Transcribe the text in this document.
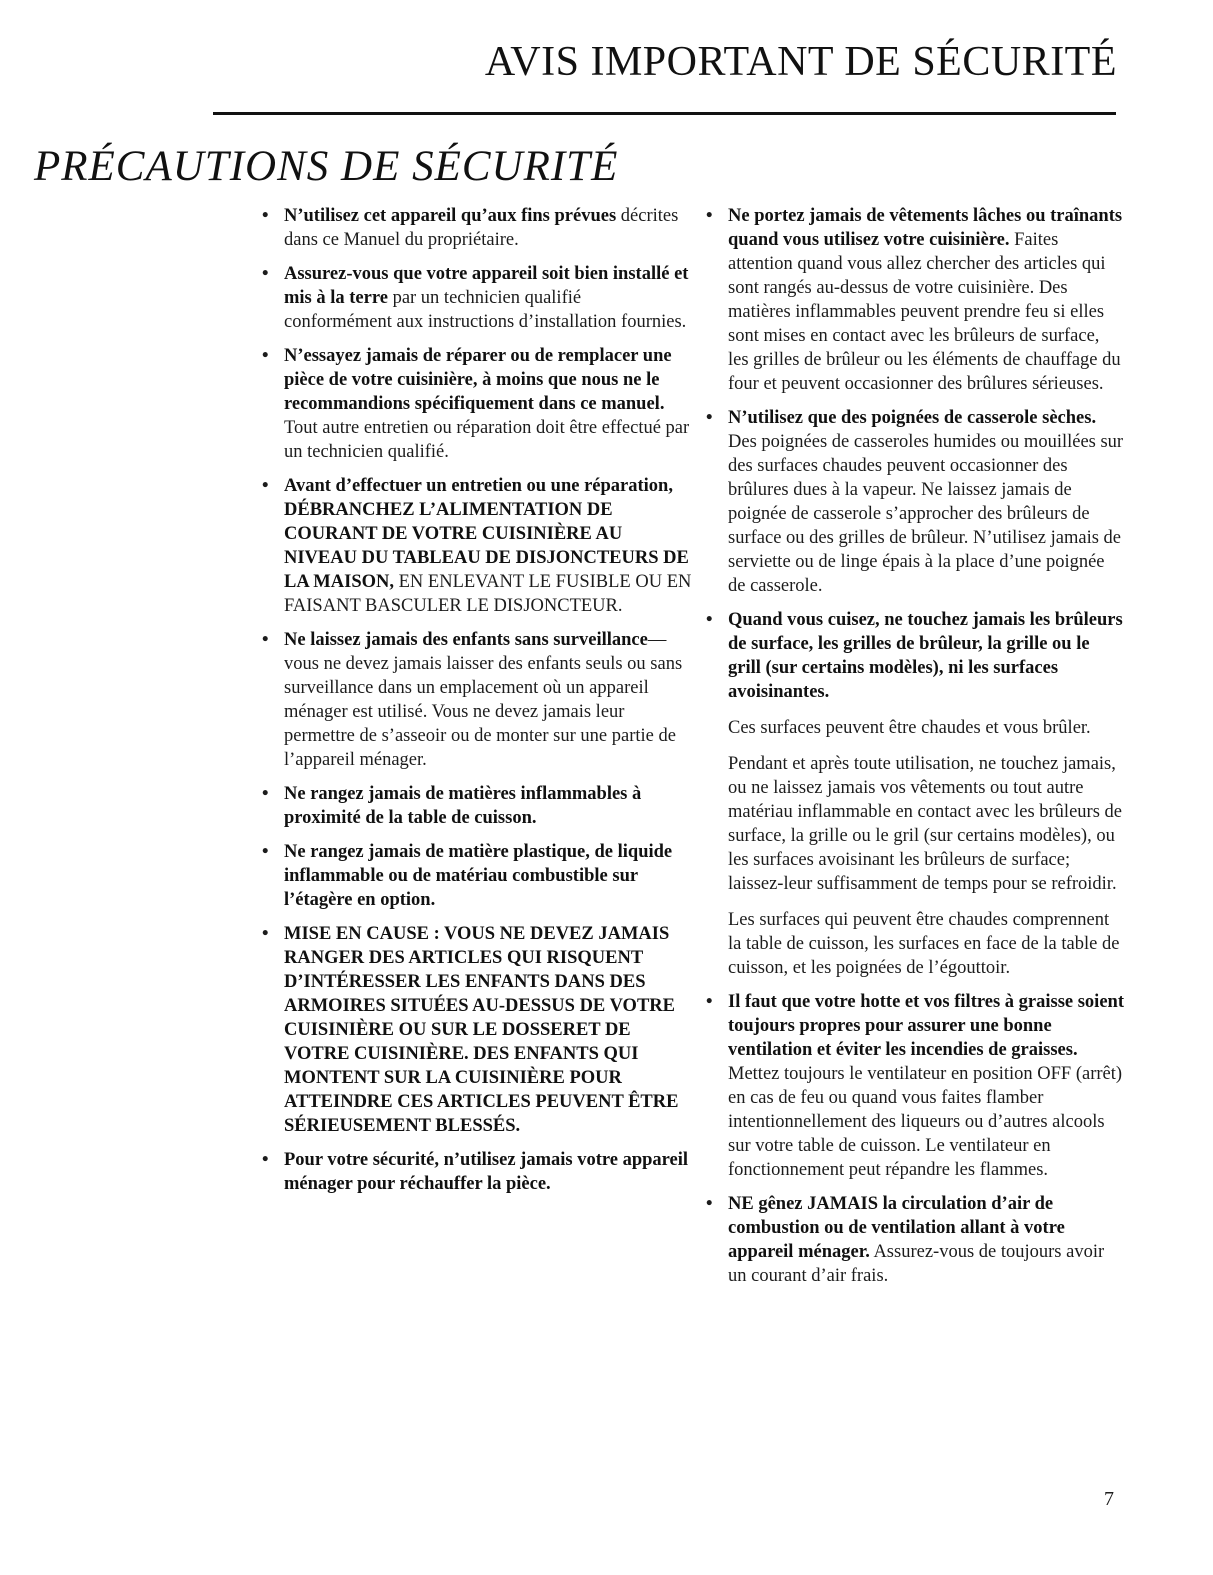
AVIS IMPORTANT DE SÉCURITÉ
PRÉCAUTIONS DE SÉCURITÉ
• N’utilisez cet appareil qu’aux fins prévues décrites dans ce Manuel du propriétaire.

• Assurez-vous que votre appareil soit bien installé et mis à la terre par un technicien qualifié conformément aux instructions d’installation fournies.

• N’essayez jamais de réparer ou de remplacer une pièce de votre cuisinière, à moins que nous ne le recommandions spécifiquement dans ce manuel. Tout autre entretien ou réparation doit être effectué par un technicien qualifié.

• Avant d’effectuer un entretien ou une réparation, DÉBRANCHEZ L’ALIMENTATION DE COURANT DE VOTRE CUISINIÈRE AU NIVEAU DU TABLEAU DE DISJONCTEURS DE LA MAISON, EN ENLEVANT LE FUSIBLE OU EN FAISANT BASCULER LE DISJONCTEUR.

• Ne laissez jamais des enfants sans surveillance—vous ne devez jamais laisser des enfants seuls ou sans surveillance dans un emplacement où un appareil ménager est utilisé. Vous ne devez jamais leur permettre de s’asseoir ou de monter sur une partie de l’appareil ménager.

• Ne rangez jamais de matières inflammables à proximité de la table de cuisson.

• Ne rangez jamais de matière plastique, de liquide inflammable ou de matériau combustible sur l’étagère en option.

• MISE EN CAUSE : VOUS NE DEVEZ JAMAIS RANGER DES ARTICLES QUI RISQUENT D’INTÉRESSER LES ENFANTS DANS DES ARMOIRES SITUÉES AU-DESSUS DE VOTRE CUISINIÈRE OU SUR LE DOSSERET DE VOTRE CUISINIÈRE. DES ENFANTS QUI MONTENT SUR LA CUISINIÈRE POUR ATTEINDRE CES ARTICLES PEUVENT ÊTRE SÉRIEUSEMENT BLESSÉS.

• Pour votre sécurité, n’utilisez jamais votre appareil ménager pour réchauffer la pièce.

• Ne portez jamais de vêtements lâches ou traînants quand vous utilisez votre cuisinière. Faites attention quand vous allez chercher des articles qui sont rangés au-dessus de votre cuisinière. Des matières inflammables peuvent prendre feu si elles sont mises en contact avec les brûleurs de surface, les grilles de brûleur ou les éléments de chauffage du four et peuvent occasionner des brûlures sérieuses.

• N’utilisez que des poignées de casserole sèches. Des poignées de casseroles humides ou mouillées sur des surfaces chaudes peuvent occasionner des brûlures dues à la vapeur. Ne laissez jamais de poignée de casserole s’approcher des brûleurs de surface ou des grilles de brûleur. N’utilisez jamais de serviette ou de linge épais à la place d’une poignée de casserole.

• Quand vous cuisez, ne touchez jamais les brûleurs de surface, les grilles de brûleur, la grille ou le grill (sur certains modèles), ni les surfaces avoisinantes.

Ces surfaces peuvent être chaudes et vous brûler.

Pendant et après toute utilisation, ne touchez jamais, ou ne laissez jamais vos vêtements ou tout autre matériau inflammable en contact avec les brûleurs de surface, la grille ou le gril (sur certains modèles), ou les surfaces avoisinant les brûleurs de surface; laissez-leur suffisamment de temps pour se refroidir.

Les surfaces qui peuvent être chaudes comprennent la table de cuisson, les surfaces en face de la table de cuisson, et les poignées de l’égouttoir.

• Il faut que votre hotte et vos filtres à graisse soient toujours propres pour assurer une bonne ventilation et éviter les incendies de graisses. Mettez toujours le ventilateur en position OFF (arrêt) en cas de feu ou quand vous faites flamber intentionnellement des liqueurs ou d’autres alcools sur votre table de cuisson. Le ventilateur en fonctionnement peut répandre les flammes.

• NE gênez JAMAIS la circulation d’air de combustion ou de ventilation allant à votre appareil ménager. Assurez-vous de toujours avoir un courant d’air frais.

7
